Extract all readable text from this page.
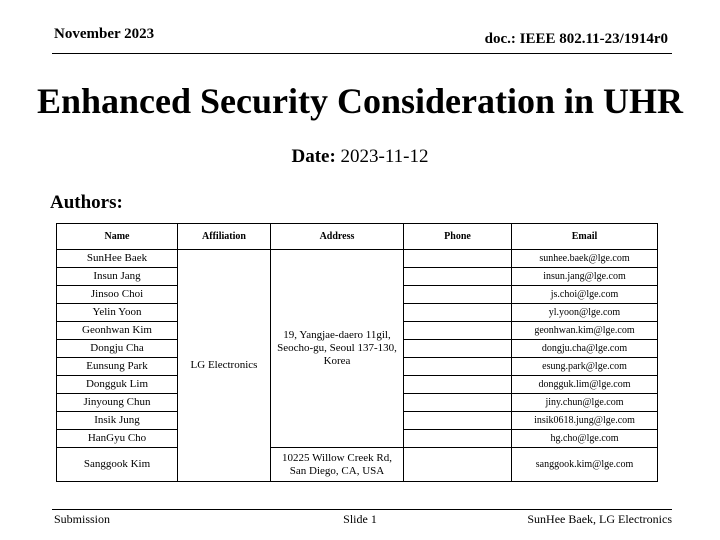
November 2023	doc.: IEEE 802.11-23/1914r0
Enhanced Security Consideration in UHR
Date: 2023-11-12
Authors:
Name	Affiliation	Address	Phone	Email
SunHee Baek	LG Electronics	19, Yangjae-daero 11gil, Seocho-gu, Seoul 137-130, Korea		sunhee.baek@lge.com
Insun Jang				insun.jang@lge.com
Jinsoo Choi				js.choi@lge.com
Yelin Yoon				yl.yoon@lge.com
Geonhwan Kim				geonhwan.kim@lge.com
Dongju Cha				dongju.cha@lge.com
Eunsung Park				esung.park@lge.com
Dongguk Lim				dongguk.lim@lge.com
Jinyoung Chun				jiny.chun@lge.com
Insik Jung				insik0618.jung@lge.com
HanGyu Cho				hg.cho@lge.com
Sanggook Kim		10225 Willow Creek Rd, San Diego, CA, USA		sanggook.kim@lge.com
Submission	Slide 1	SunHee Baek, LG Electronics
